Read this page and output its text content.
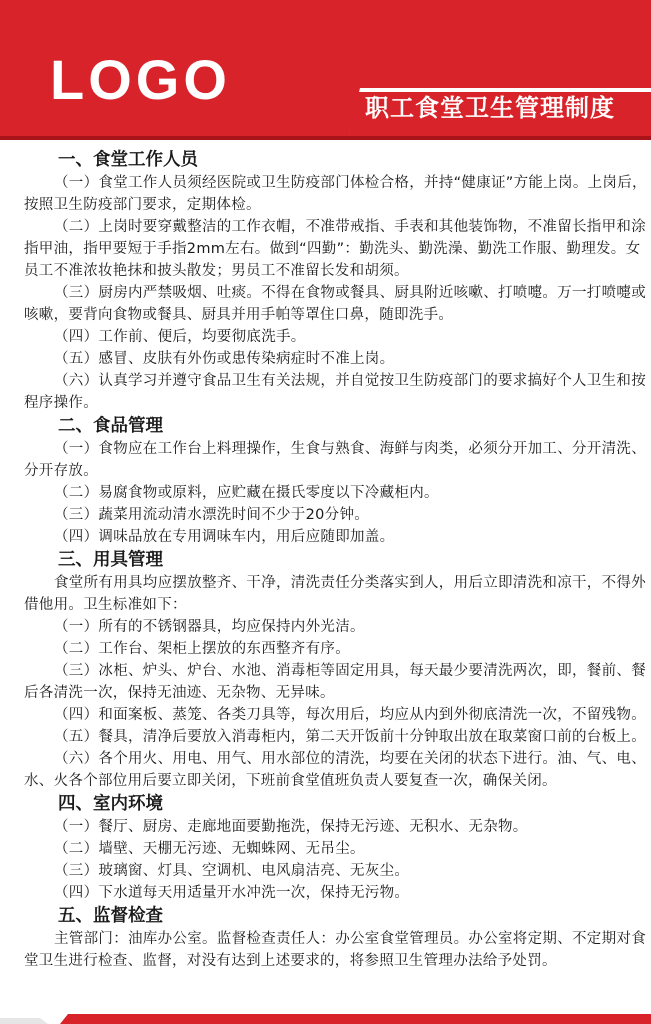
LOGO	职工食堂卫生管理制度
一、食堂工作人员

（一）食堂工作人员须经医院或卫生防疫部门体检合格，并持“健康证”方能上岗。上岗后，按照卫生防疫部门要求，定期体检。

（二）上岗时要穿戴整洁的工作衣帽，不准带戒指、手表和其他装饰物，不准留长指甲和涂指甲油，指甲要短于手指2mm左右。做到“四勤”：勤洗头、勤洗澡、勤洗工作服、勤理发。女员工不准浓妆艳抹和披头散发；男员工不准留长发和胡须。

（三）厨房内严禁吸烟、吐痰。不得在食物或餐具、厨具附近咳嗽、打喷嚏。万一打喷嚏或咳嗽，要背向食物或餐具、厨具并用手帕等罩住口鼻，随即洗手。

（四）工作前、便后，均要彻底洗手。

（五）感冒、皮肤有外伤或患传染病症时不准上岗。

（六）认真学习并遵守食品卫生有关法规，并自觉按卫生防疫部门的要求搞好个人卫生和按程序操作。

二、食品管理

（一）食物应在工作台上料理操作，生食与熟食、海鲜与肉类，必须分开加工、分开清洗、分开存放。

（二）易腐食物或原料，应贮藏在摄氏零度以下冷藏柜内。

（三）蔬菜用流动清水漂洗时间不少于20分钟。

（四）调味品放在专用调味车内，用后应随即加盖。

三、用具管理

食堂所有用具均应摆放整齐、干净，清洗责任分类落实到人，用后立即清洗和凉干，不得外借他用。卫生标准如下：

（一）所有的不锈钢器具，均应保持内外光洁。

（二）工作台、架柜上摆放的东西整齐有序。

（三）冰柜、炉头、炉台、水池、消毒柜等固定用具，每天最少要清洗两次，即，餐前、餐后各清洗一次，保持无油迹、无杂物、无异味。

（四）和面案板、蒸笼、各类刀具等，每次用后，均应从内到外彻底清洗一次，不留残物。

（五）餐具，清净后要放入消毒柜内，第二天开饭前十分钟取出放在取菜窗口前的台板上。

（六）各个用火、用电、用气、用水部位的清洗，均要在关闭的状态下进行。油、气、电、水、火各个部位用后要立即关闭，下班前食堂值班负责人要复查一次，确保关闭。

四、室内环境

（一）餐厅、厨房、走廊地面要勤拖洗，保持无污迹、无积水、无杂物。

（二）墙壁、天棚无污迹、无蜘蛛网、无吊尘。

（三）玻璃窗、灯具、空调机、电风扇洁亮、无灰尘。

（四）下水道每天用适量开水冲洗一次，保持无污物。

五、监督检查

主管部门：油库办公室。监督检查责任人：办公室食堂管理员。办公室将定期、不定期对食堂卫生进行检查、监督，对没有达到上述要求的，将参照卫生管理办法给予处罚。
